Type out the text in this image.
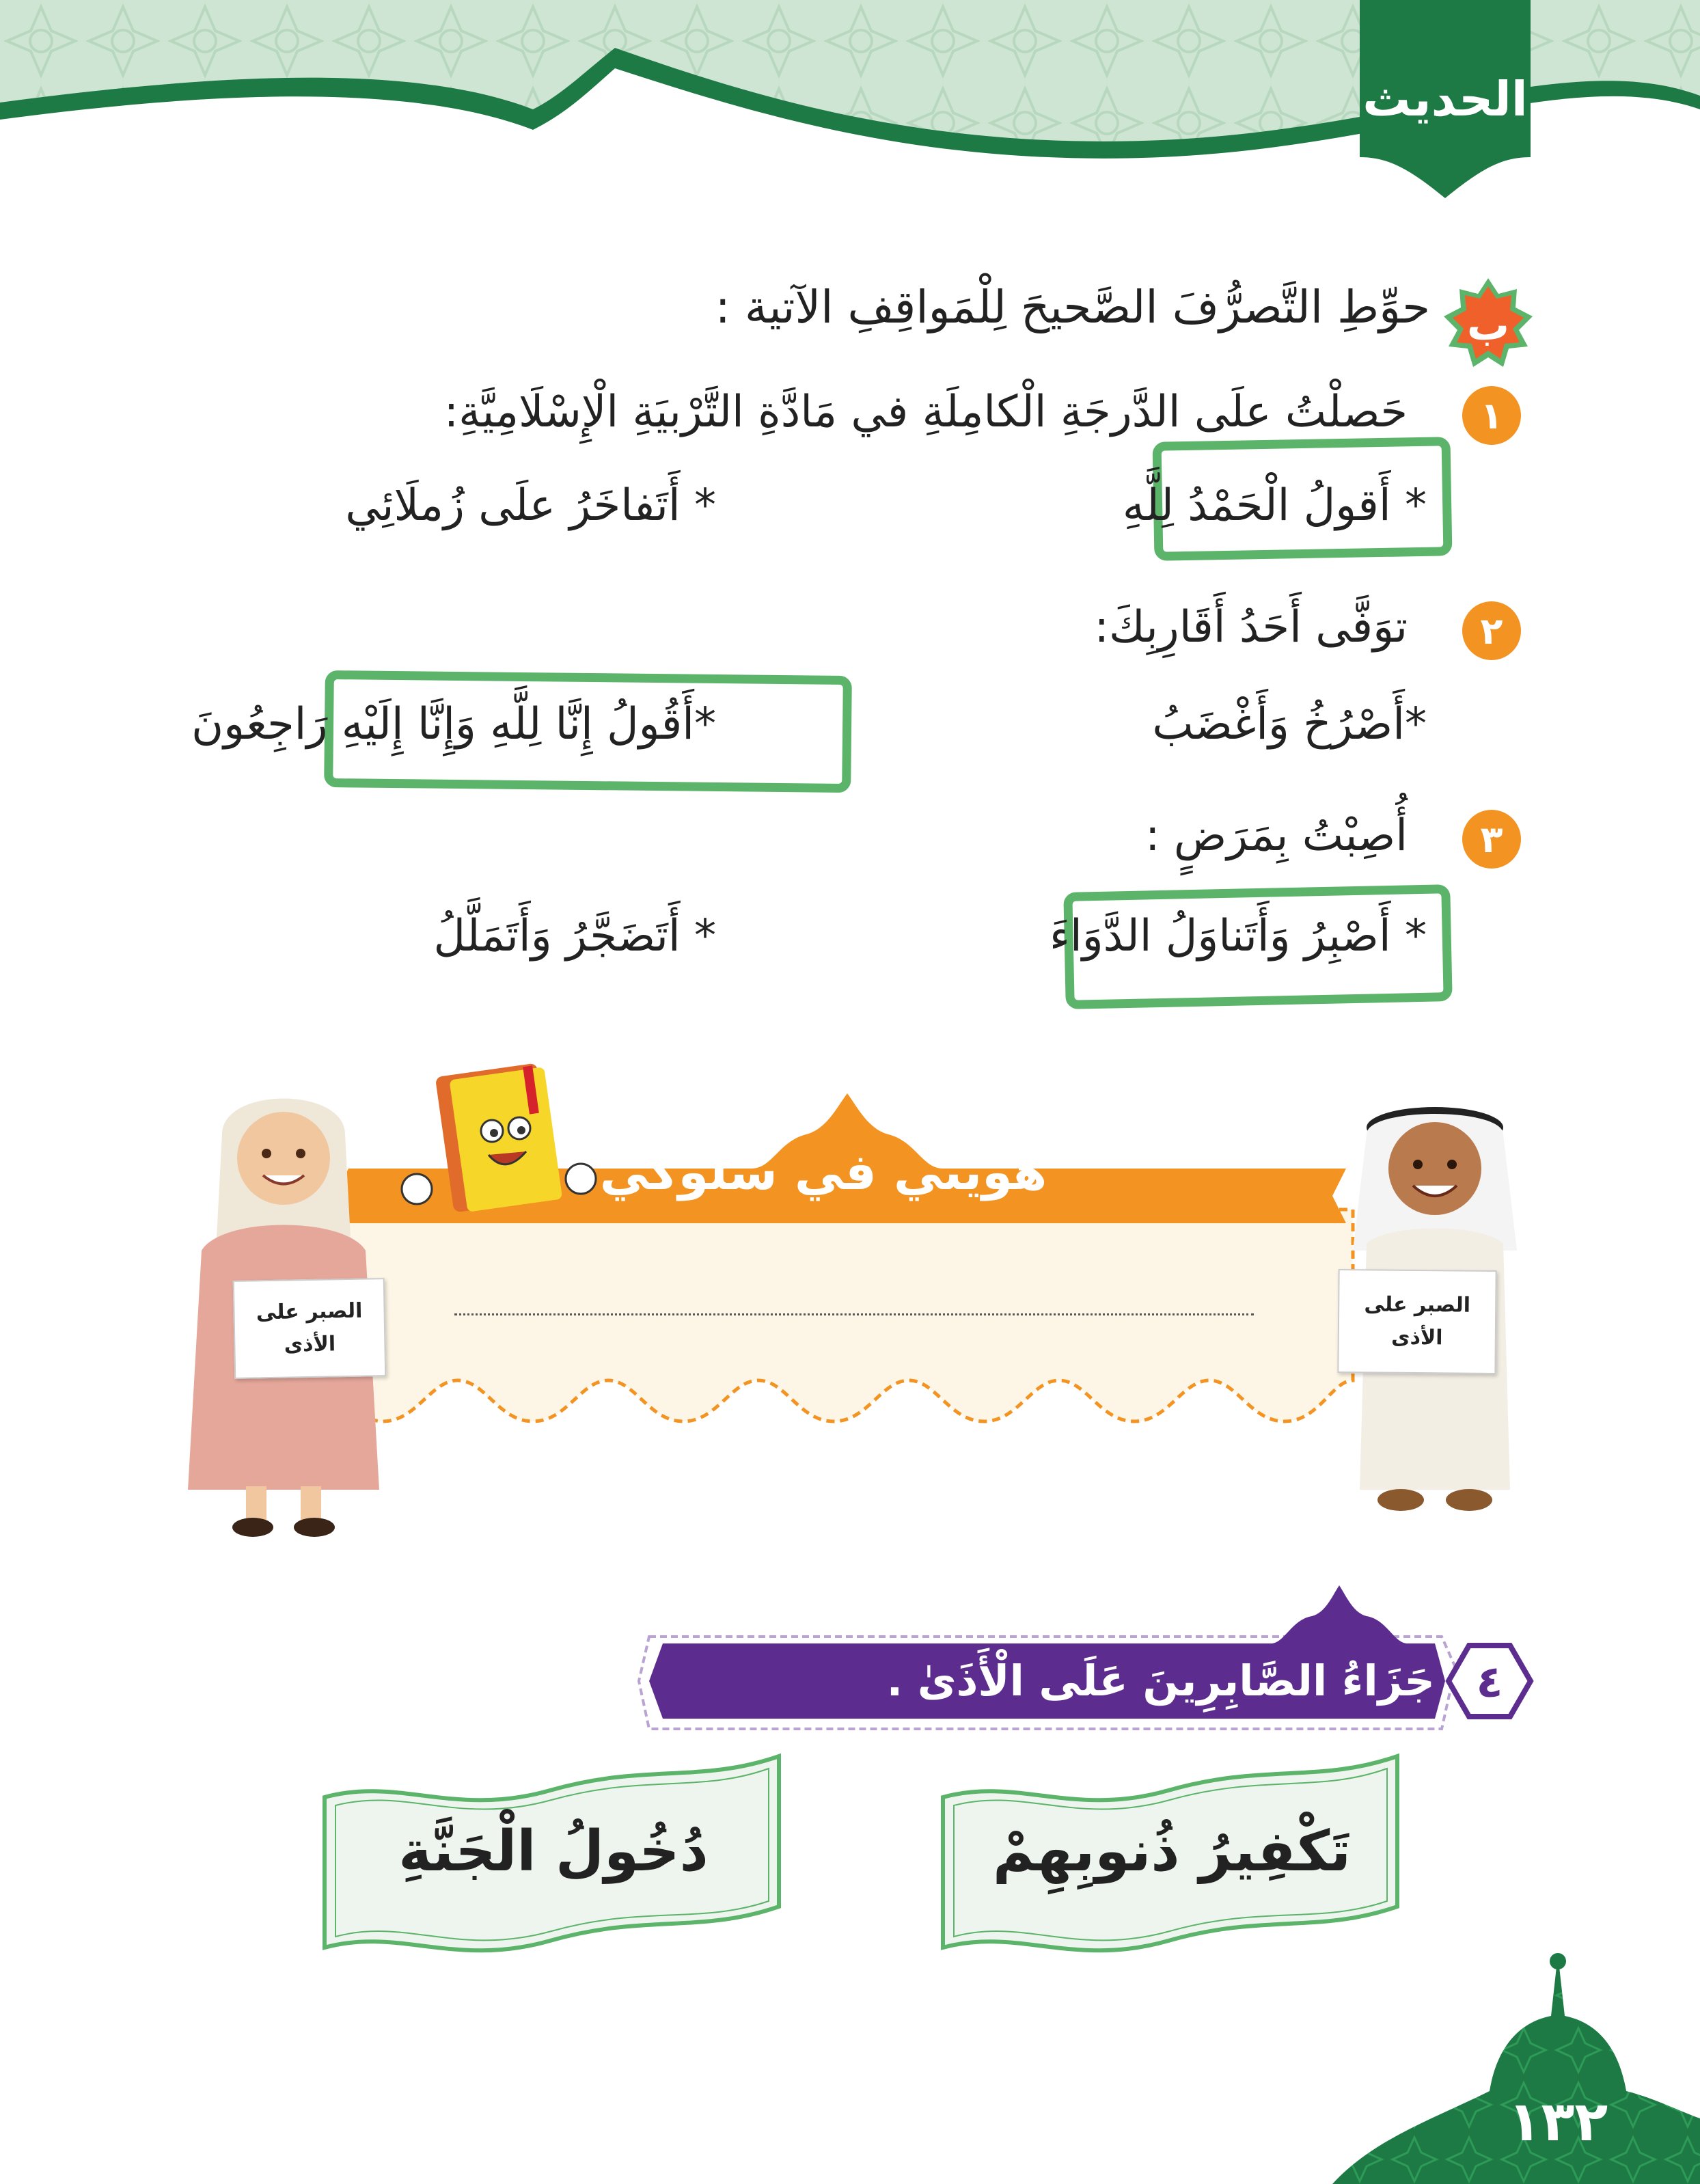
الحديث
ب
حوِّطِ التَّصرُّفَ الصَّحيحَ لِلْمَواقِفِ الآتية :
١
حَصلْتُ علَى الدَّرجَةِ الْكامِلَةِ في مَادَّةِ التَّرْبيَةِ الْإِسْلَامِيَّةِ:
* أَقولُ الْحَمْدُ لِلَّهِ
* أَتَفاخَرُ علَى زُملَائِي
٢
توَفَّى أَحَدُ أَقَارِبِكَ:
*أَصْرُخُ وَأَغْضَبُ
*أَقُولُ إِنَّا لِلَّهِ وَإِنَّا إِلَيْهِ رَاجِعُونَ
٣
أُصِبْتُ بِمَرَضٍ :
* أَصْبِرُ وَأَتَناوَلُ الدَّوَاءَ
* أَتَضَجَّرُ وَأَتَمَلَّلُ
هويتي في سلوكي
الصبر على الأذى
الصبر على الأذى
جَزَاءُ الصَّابِرِينَ عَلَى الْأَذَىٰ . ٤
تَكْفِيرُ ذُنوبِهِمْ
دُخُولُ الْجَنَّةِ
١٣٢
